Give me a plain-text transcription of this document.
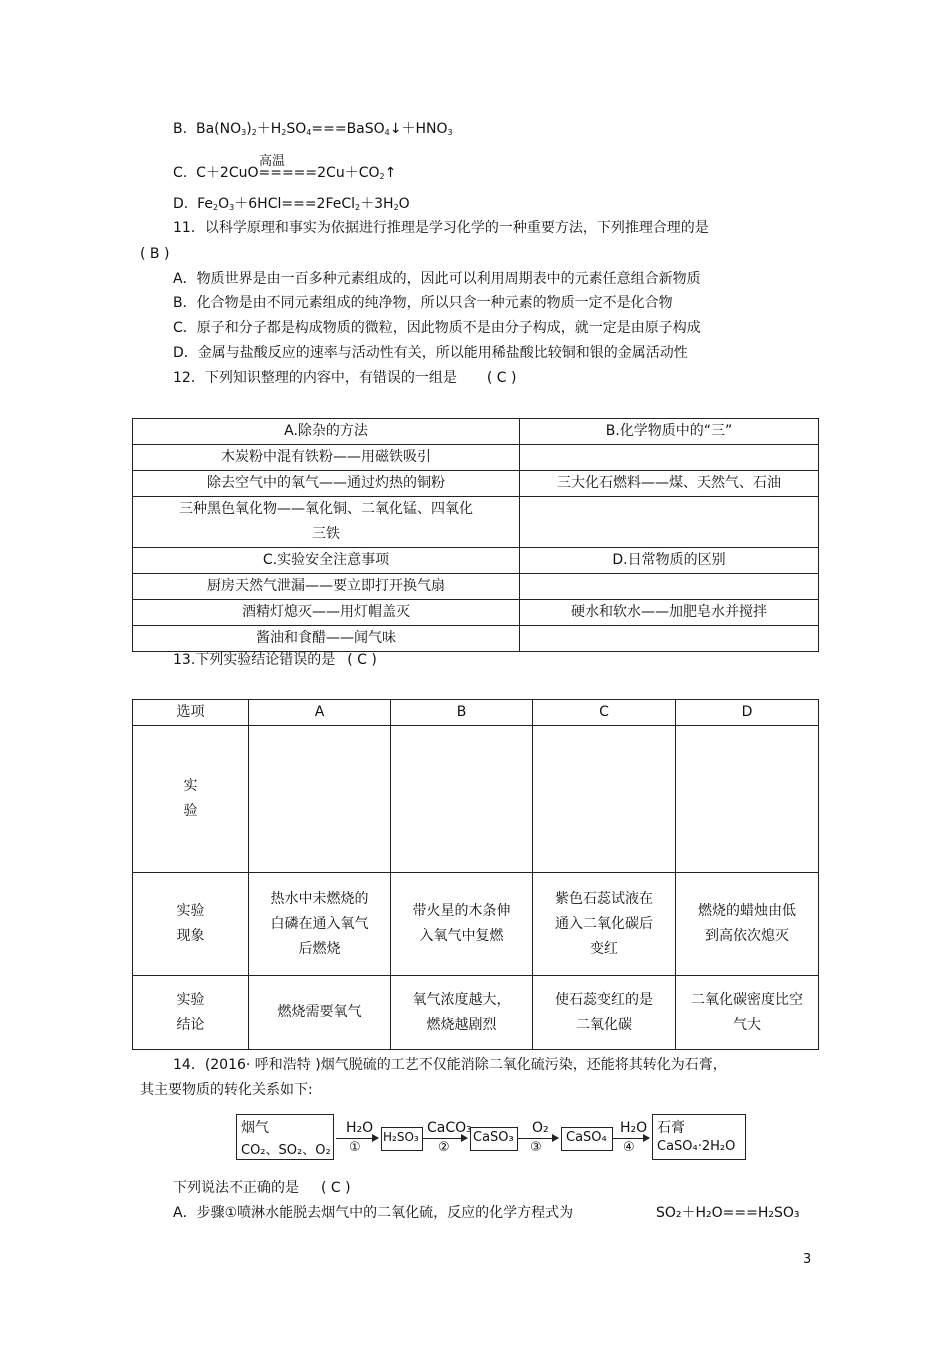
B. $Ba(NO_3)_2+H_2SO_4===BaSO_4↓+HNO_3$
高温
C. $C+2CuO=====2Cu+CO_2↑$
D. $Fe_2O_3+6HCl===2FeCl_2+3H_2O$
11．以科学原理和事实为依据进行推理是学习化学的一种重要方法，下列推理合理的是
( B )
A．物质世界是由一百多种元素组成的，因此可以利用周期表中的元素任意组合新物质
B．化合物是由不同元素组成的纯净物，所以只含一种元素的物质一定不是化合物
C．原子和分子都是构成物质的微粒，因此物质不是由分子构成，就一定是由原子构成
D．金属与盐酸反应的速率与活动性有关，所以能用稀盐酸比较铜和银的金属活动性
12．下列知识整理的内容中，有错误的一组是 ( C )
A.除杂的方法	B.化学物质中的“三”
木炭粉中混有铁粉——用磁铁吸引	
除去空气中的氧气——通过灼热的铜粉	三大化石燃料——煤、天然气、石油
三种黑色氧化物——氧化铜、二氧化锰、四氧化三铁	
C.实验安全注意事项	D.日常物质的区别
厨房天然气泄漏——要立即打开换气扇	
酒精灯熄灭——用灯帽盖灭	硬水和软水——加肥皂水并搅拌
酱油和食醋——闻气味	
13.下列实验结论错误的是 ( C )
选项	A	B	C	D

实验				

实验现象	热水中未燃烧的白磷在通入氧气后燃烧	带火星的木条伸入氧气中复燃	紫色石蕊试液在通入二氧化碳后变红	燃烧的蜡烛由低到高依次熄灭

实验结论	燃烧需要氧气	氧气浓度越大，燃烧越剧烈	使石蕊变红的是二氧化碳	二氧化碳密度比空气大
14．(2016· 呼和浩特 )烟气脱硫的工艺不仅能消除二氧化硫污染，还能将其转化为石膏，
其主要物质的转化关系如下:
烟气
CO₂、SO₂、O₂
H₂O
①
H₂SO₃
CaCO₃
②
CaSO₃
O₂
③
CaSO₄
H₂O
④
石膏
CaSO₄·2H₂O
下列说法不正确的是 ( C )
A．步骤①喷淋水能脱去烟气中的二氧化硫，反应的化学方程式为	SO₂＋H₂O===H₂SO₃
3
